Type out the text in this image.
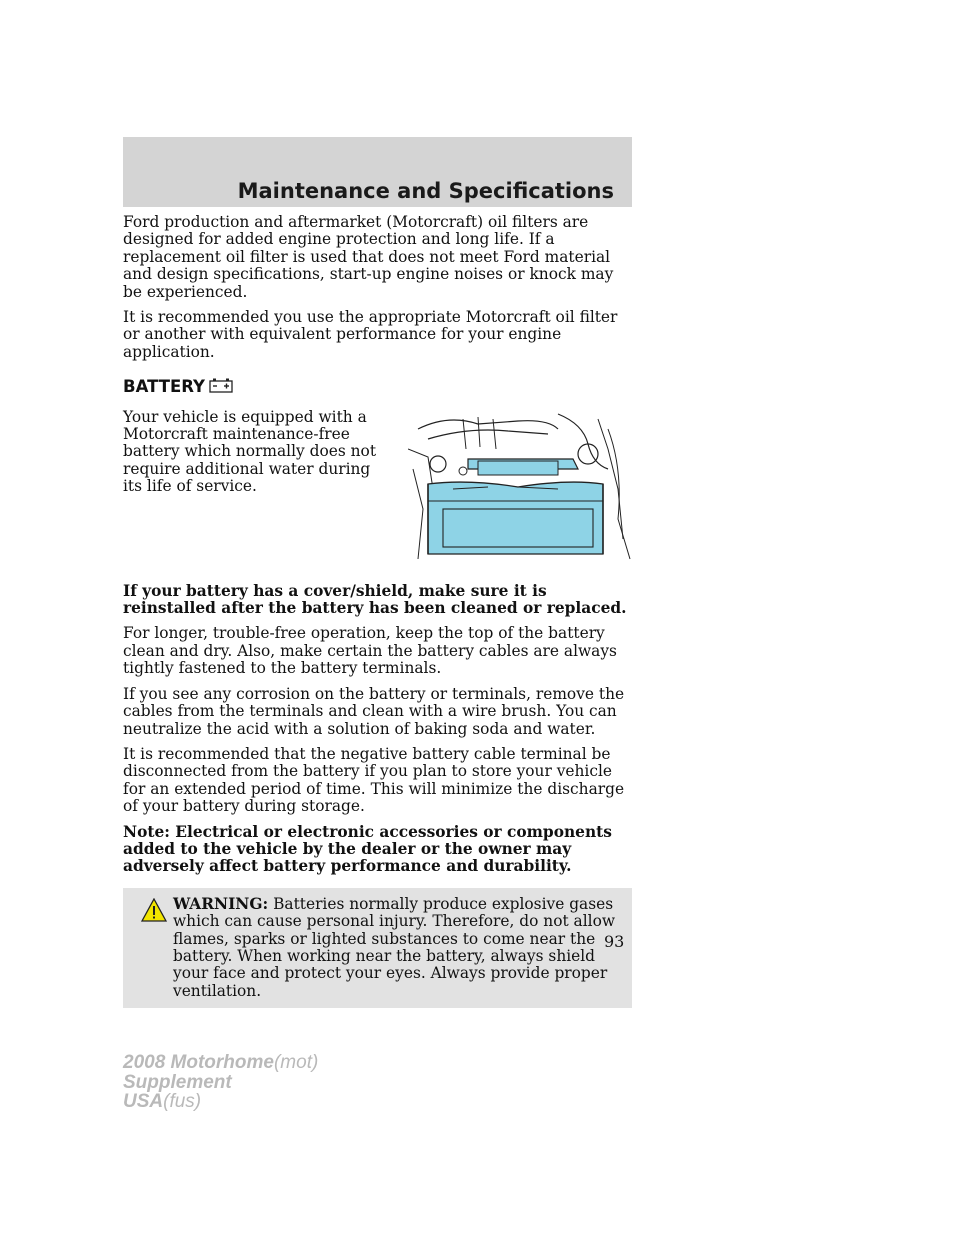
Maintenance and Specifications

Ford production and aftermarket (Motorcraft) oil filters are designed for added engine protection and long life. If a replacement oil filter is used that does not meet Ford material and design specifications, start-up engine noises or knock may be experienced.

It is recommended you use the appropriate Motorcraft oil filter or another with equivalent performance for your engine application.

BATTERY
Your vehicle is equipped with a Motorcraft maintenance-free battery which normally does not require additional water during its life of service.

If your battery has a cover/shield, make sure it is reinstalled after the battery has been cleaned or replaced.

For longer, trouble-free operation, keep the top of the battery clean and dry. Also, make certain the battery cables are always tightly fastened to the battery terminals.

If you see any corrosion on the battery or terminals, remove the cables from the terminals and clean with a wire brush. You can neutralize the acid with a solution of baking soda and water.

It is recommended that the negative battery cable terminal be disconnected from the battery if you plan to store your vehicle for an extended period of time. This will minimize the discharge of your battery during storage.

Note: Electrical or electronic accessories or components added to the vehicle by the dealer or the owner may adversely affect battery performance and durability.

WARNING: Batteries normally produce explosive gases which can cause personal injury. Therefore, do not allow flames, sparks or lighted substances to come near the battery. When working near the battery, always shield your face and protect your eyes. Always provide proper ventilation.
93
2008 Motorhome(mot)
Supplement
USA(fus)
